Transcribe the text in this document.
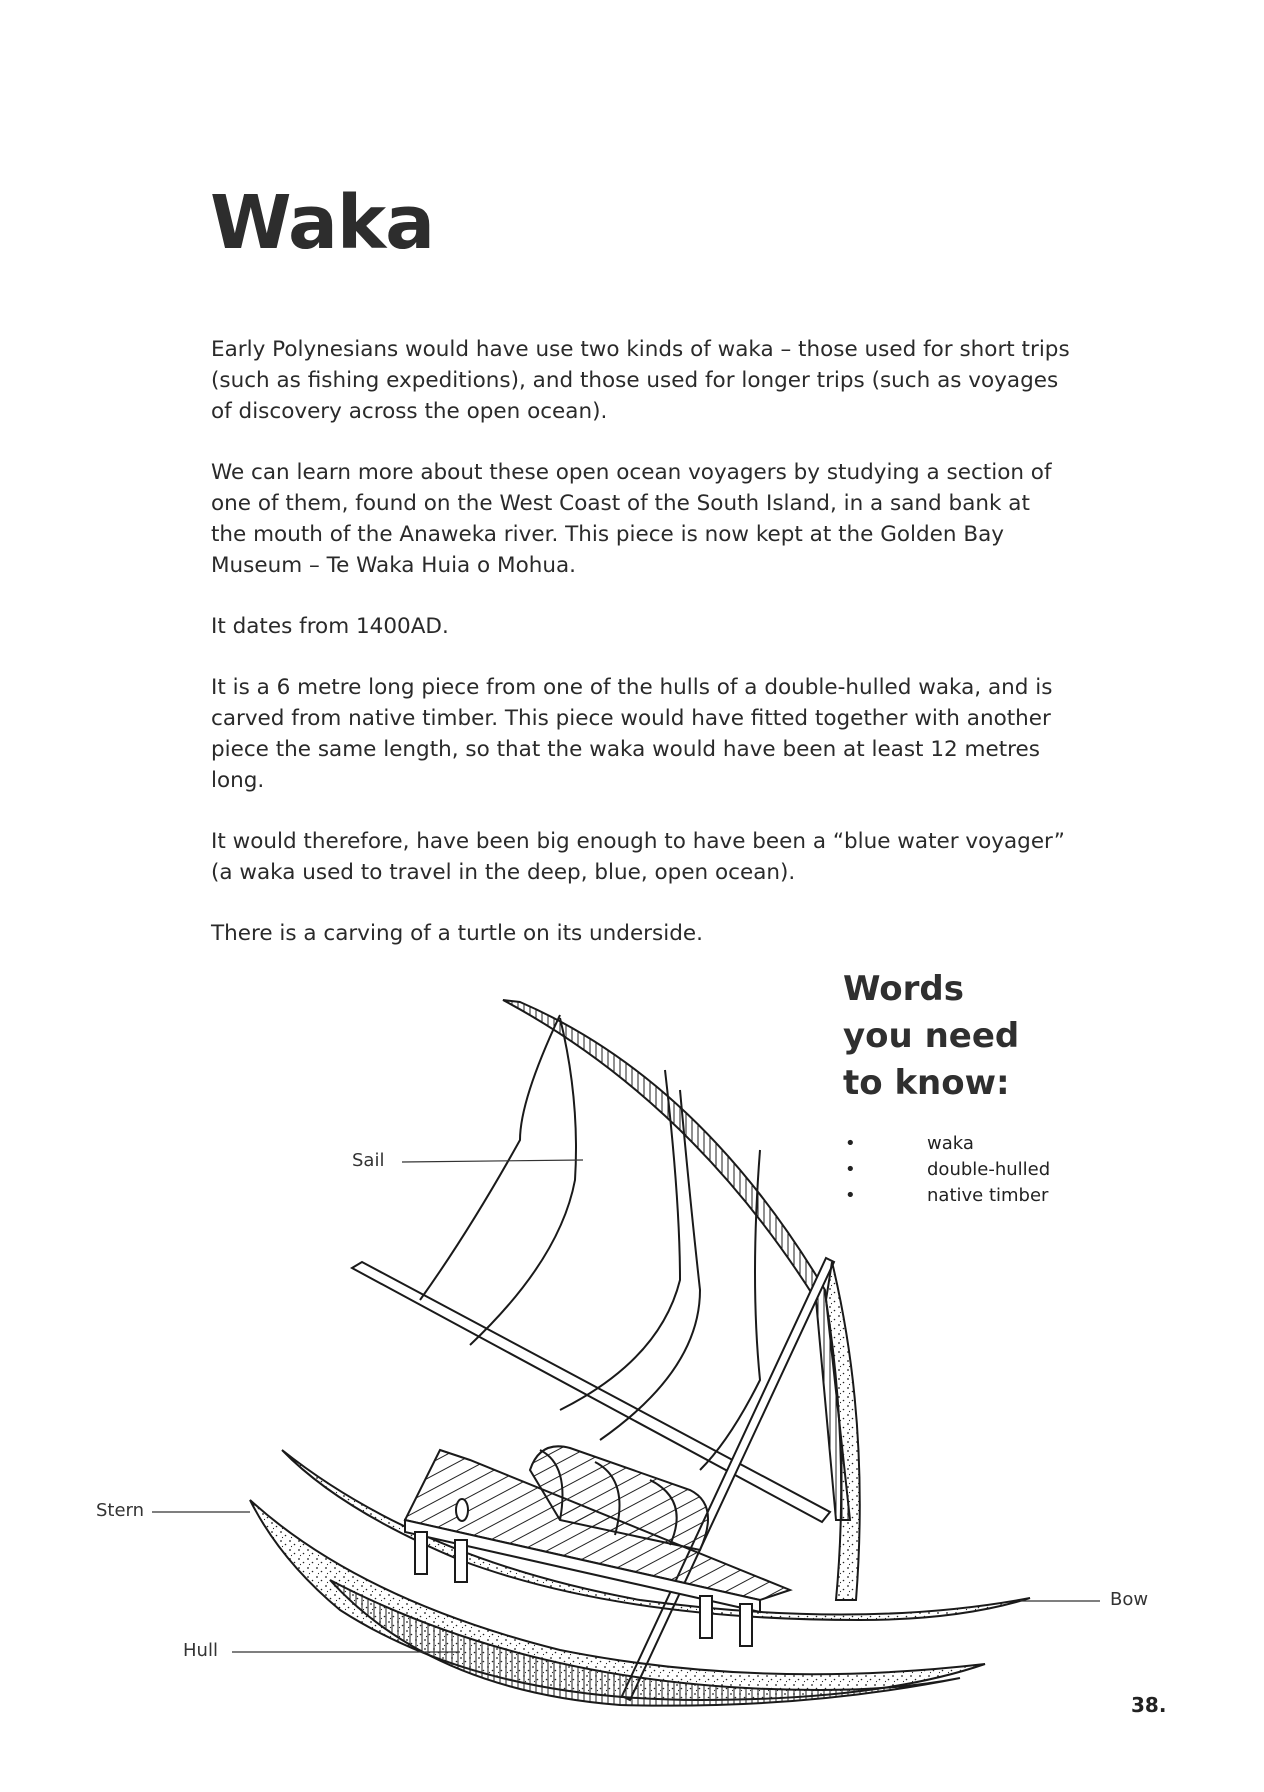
Waka

Early Polynesians would have use two kinds of waka – those used for short trips (such as fishing expeditions), and those used for longer trips (such as voyages of discovery across the open ocean).

We can learn more about these open ocean voyagers by studying a section of one of them, found on the West Coast of the South Island, in a sand bank at the mouth of the Anaweka river. This piece is now kept at the Golden Bay Museum – Te Waka Huia o Mohua.

It dates from 1400AD.

It is a 6 metre long piece from one of the hulls of a double-hulled waka, and is carved from native timber. This piece would have fitted together with another piece the same length, so that the waka would have been at least 12 metres long.

It would therefore, have been big enough to have been a “blue water voyager” (a waka used to travel in the deep, blue, open ocean).

There is a carving of a turtle on its underside.

Sail
Stern
Hull
Bow
Words
you need
to know:
•	waka
•	double-hulled
•	native timber
38.
